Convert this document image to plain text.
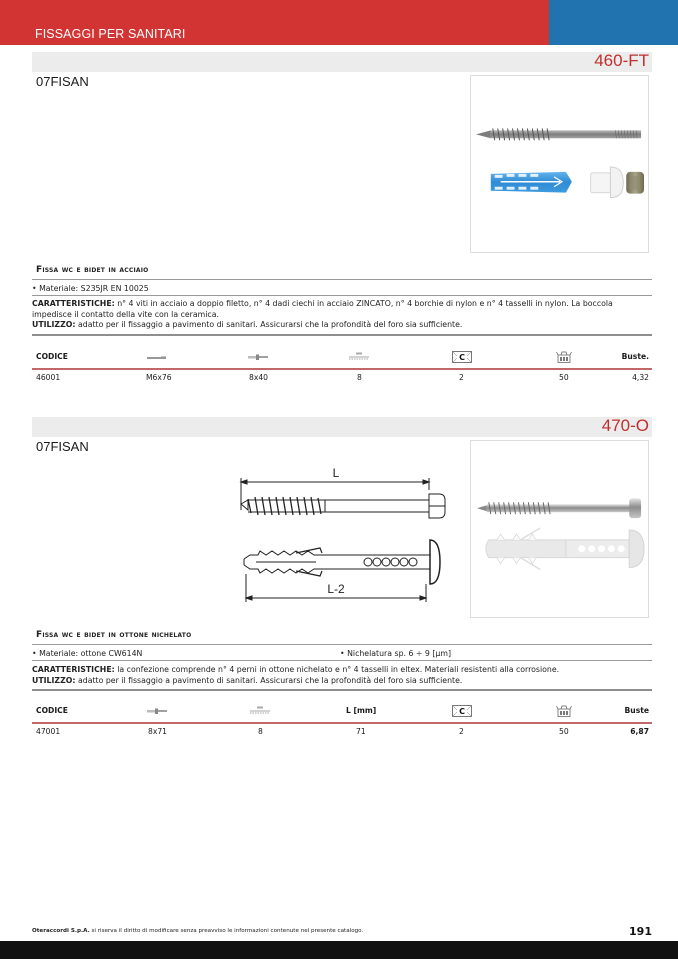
FISSAGGI PER SANITARI
460-FT
07FISAN
Fissa wc e bidet in acciaio
• Materiale: S235JR EN 10025
CARATTERISTICHE: n° 4 viti in acciaio a doppio filetto, n° 4 dadi ciechi in acciaio ZINCATO, n° 4 borchie di nylon e n° 4 tasselli in nylon. La boccola impedisce il contatto della vite con la ceramica.
UTILIZZO: adatto per il fissaggio a pavimento di sanitari. Assicurarsi che la profondità del foro sia sufficiente.
CODICE	C	Buste.
46001	M6x76	8x40	8	2	50	4,32
470-O
07FISAN
L
L-2
Fissa wc e bidet in ottone nichelato
• Materiale: ottone CW614N	• Nichelatura sp. 6 ÷ 9 [µm]
CARATTERISTICHE: la confezione comprende n° 4 perni in ottone nichelato e n° 4 tasselli in eltex. Materiali resistenti alla corrosione.
UTILIZZO: adatto per il fissaggio a pavimento di sanitari. Assicurarsi che la profondità del foro sia sufficiente.
CODICE	L [mm]	C	Buste
47001	8x71	8	71	2	50	6,87
Oteraccordi S.p.A. si riserva il diritto di modificare senza preavviso le informazioni contenute nel presente catalogo.	191
